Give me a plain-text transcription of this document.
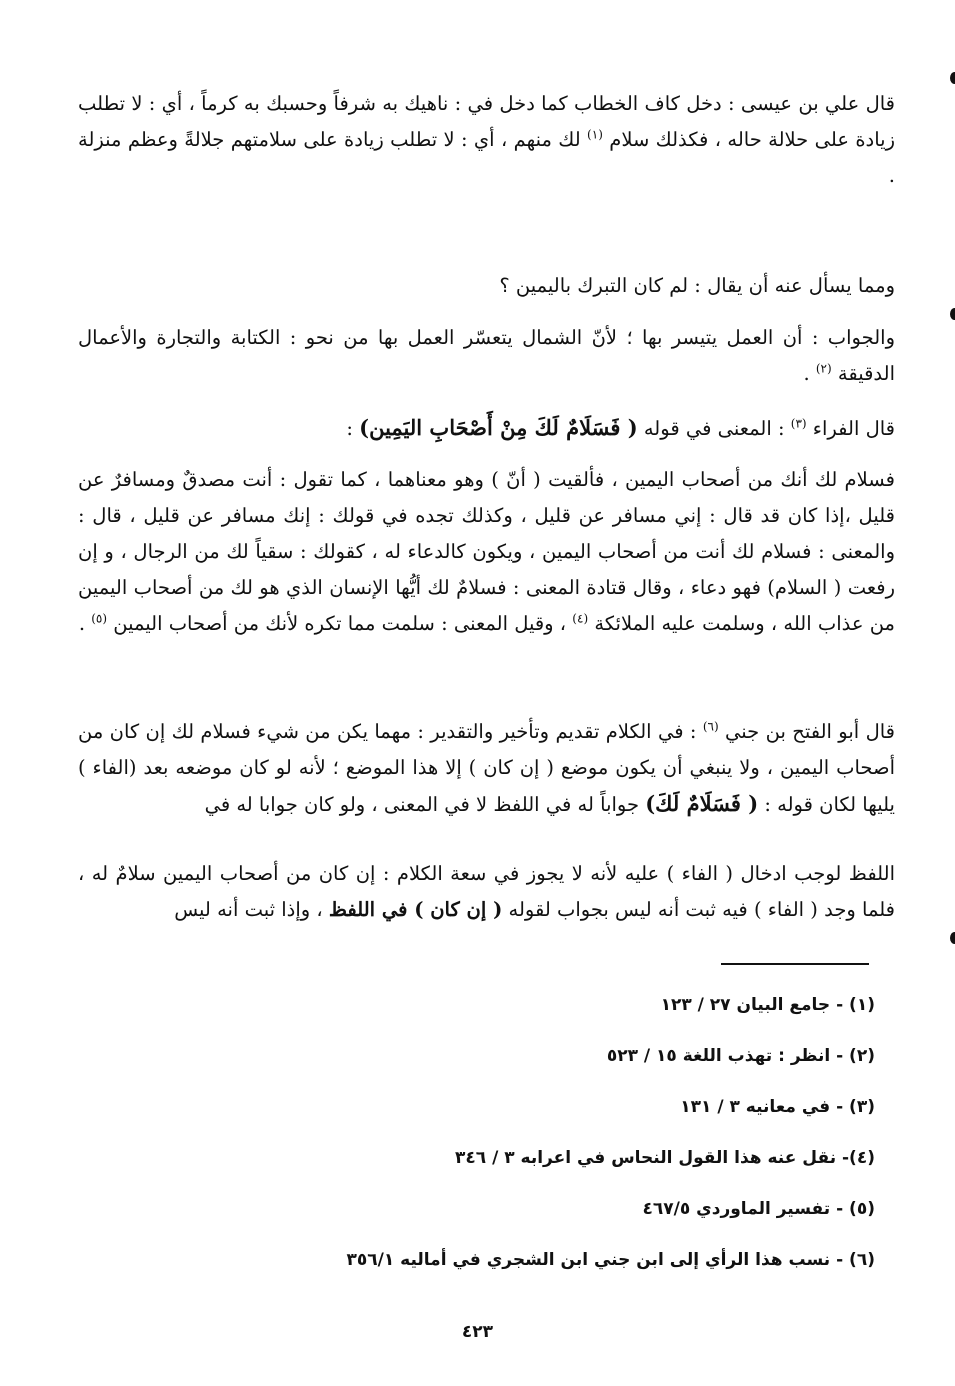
قال علي بن عيسى : دخل كاف الخطاب كما دخل في : ناهيك به شرفاً وحسبك به كرماً ، أي : لا تطلب زيادة على حلالة حاله ، فكذلك سلام $^{(١)}$ لك منهم ، أي : لا تطلب زيادة على سلامتهم جلالةً وعظم منزلة .

ومما يسأل عنه أن يقال : لم كان التبرك باليمين ؟

والجواب : أن العمل يتيسر بها ؛ لأنّ الشمال يتعسّر العمل بها من نحو : الكتابة والتجارة والأعمال الدقيقة $^{(٢)}$ .

قال الفراء $^{(٣)}$ : المعنى في قوله ( فَسَلَامٌ لَكَ مِنْ أَصْحَابِ اليَمِين) :

فسلام لك أنك من أصحاب اليمين ، فألقيت ( أنّ ) وهو معناهما ، كما تقول : أنت مصدقٌ ومسافرٌ عن قليل ،إذا كان قد قال : إني مسافر عن قليل ، وكذلك تجده في قولك : إنك مسافر عن قليل ، قال : والمعنى : فسلام لك أنت من أصحاب اليمين ، ويكون كالدعاء له ، كقولك : سقياً لك من الرجال ، و إن رفعت ( السلام) فهو دعاء ، وقال قتادة المعنى : فسلامٌ لك أيُّها الإنسان الذي هو لك من أصحاب اليمين من عذاب الله ، وسلمت عليه الملائكة $^{(٤)}$ ، وقيل المعنى : سلمت مما تكره لأنك من أصحاب اليمين $^{(٥)}$ .

قال أبو الفتح بن جني $^{(٦)}$ : في الكلام تقديم وتأخير والتقدير : مهما يكن من شيء فسلام لك إن كان من أصحاب اليمين ، ولا ينبغي أن يكون موضع ( إن كان ) إلا هذا الموضع ؛ لأنه لو كان موضعه بعد (الفاء ) يليها لكان قوله : ( فَسَلَامٌ لَكَ) جواباً له في اللفظ لا في المعنى ، ولو كان جوابا له في

اللفظ لوجب ادخال ( الفاء ) عليه لأنه لا يجوز في سعة الكلام : إن كان من أصحاب اليمين سلامٌ له ، فلما وجد ( الفاء ) فيه ثبت أنه ليس بجواب لقوله ( إن كان ) في اللفظ ، وإذا ثبت أنه ليس

(١) - جامع البيان ٢٧ / ١٢٣
(٢) - انظر : تهذب اللغة ١٥ / ٥٢٣
(٣) - في معانيه ٣ / ١٣١
(٤)- نقل عنه هذا القول النحاس في اعرابه ٣ / ٣٤٦
(٥) - تفسير الماوردي ٤٦٧/٥
(٦) - نسب هذا الرأي إلى ابن جني ابن الشجري في أماليه ٣٥٦/١
٤٢٣
